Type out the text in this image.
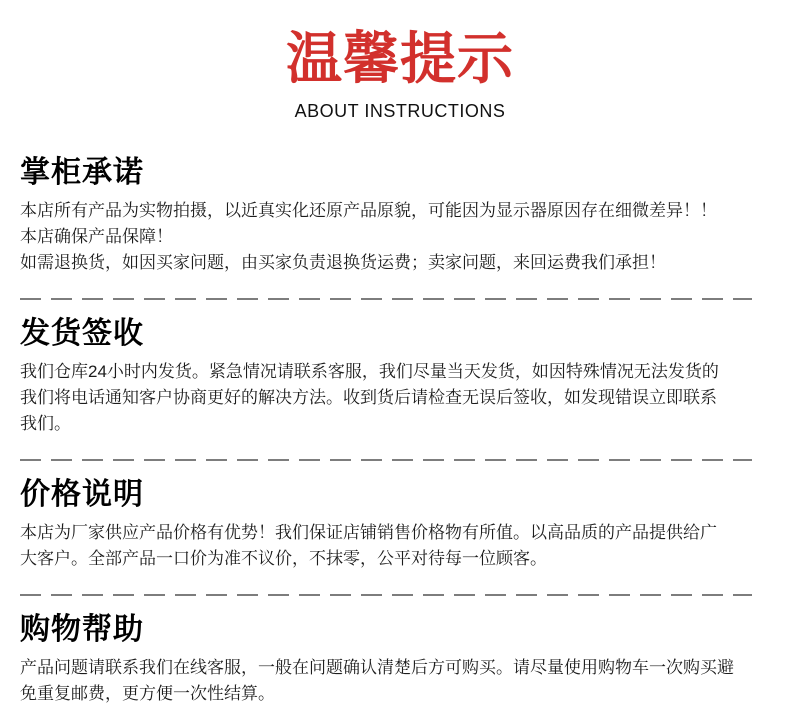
温馨提示
ABOUT INSTRUCTIONS
掌柜承诺

本店所有产品为实物拍摄，以近真实化还原产品原貌，可能因为显示器原因存在细微差异！！

本店确保产品保障！

如需退换货，如因买家问题，由买家负责退换货运费；卖家问题，来回运费我们承担！

发货签收

我们仓库24小时内发货。紧急情况请联系客服，我们尽量当天发货，如因特殊情况无法发货的

我们将电话通知客户协商更好的解决方法。收到货后请检查无误后签收，如发现错误立即联系

我们。

价格说明

本店为厂家供应产品价格有优势！我们保证店铺销售价格物有所值。以高品质的产品提供给广

大客户。全部产品一口价为准不议价，不抹零，公平对待每一位顾客。

购物帮助

产品问题请联系我们在线客服，一般在问题确认清楚后方可购买。请尽量使用购物车一次购买避

免重复邮费，更方便一次性结算。
